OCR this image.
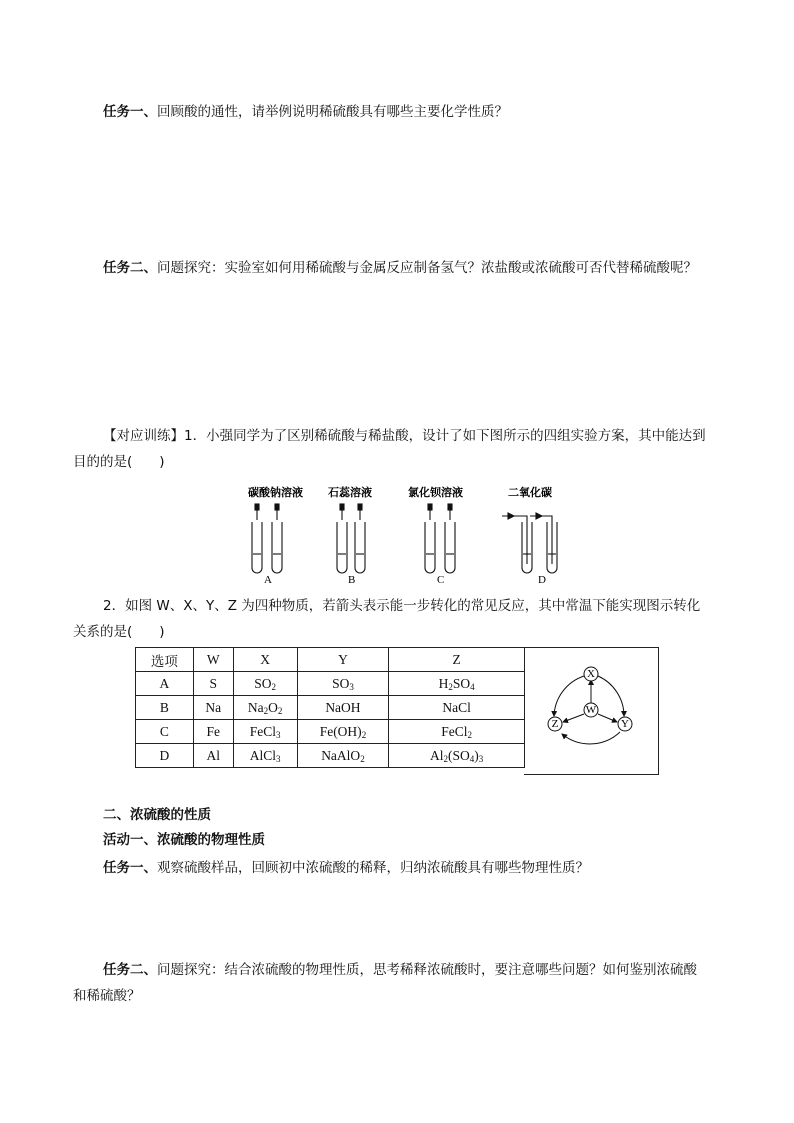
任务一、回顾酸的通性，请举例说明稀硫酸具有哪些主要化学性质？
任务二、问题探究：实验室如何用稀硫酸与金属反应制备氢气？浓盐酸或浓硫酸可否代替稀硫酸呢？
【对应训练】1．小强同学为了区别稀硫酸与稀盐酸，设计了如下图所示的四组实验方案，其中能达到
目的的是(　　)
碳酸钠溶液 石蕊溶液	氯化钡溶液	二氧化碳
A	B	C	D
2．如图 W、X、Y、Z 为四种物质，若箭头表示能一步转化的常见反应，其中常温下能实现图示转化
关系的是(　　)
选项	W	X	Y	Z
A	S	$SO_2$	$SO_3$	$H_2SO_4$
B	Na	$Na_2O_2$	NaOH	NaCl
C	Fe	FeCl$_3$	$Fe(OH)_2$	FeCl$_2$
D	Al	AlCl$_3$	NaAlO$_2$	$Al_2(SO_4)_3$
X
W
Z	Y
二、浓硫酸的性质
活动一、浓硫酸的物理性质
任务一、观察硫酸样品，回顾初中浓硫酸的稀释，归纳浓硫酸具有哪些物理性质？
任务二、问题探究：结合浓硫酸的物理性质，思考稀释浓硫酸时，要注意哪些问题？如何鉴别浓硫酸
和稀硫酸？
